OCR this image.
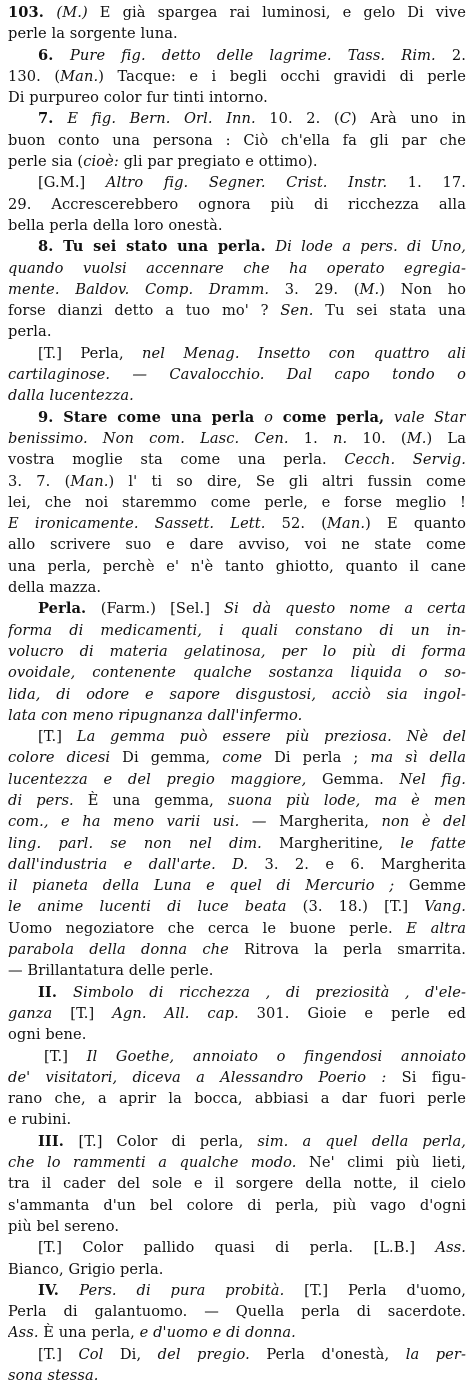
103. (M.) E già spargea rai luminosi, e gelo Di vive
perle la sorgente luna.
6. Pure fig. detto delle lagrime. Tass. Rim. 2.
130. (Man.) Tacque: e i begli occhi gravidi di perle
Di purpureo color fur tinti intorno.
7. E fig. Bern. Orl. Inn. 10. 2. (C) Arà uno in
buon conto una persona : Ciò ch'ella fa gli par che
perle sia (cioè: gli par pregiato e ottimo).
[G.M.] Altro fig. Segner. Crist. Instr. 1. 17.
29. Accrescerebbero ognora più di ricchezza alla
bella perla della loro onestà.
8. Tu sei stato una perla. Di lode a pers. di Uno,
quando vuolsi accennare che ha operato egregia-
mente. Baldov. Comp. Dramm. 3. 29. (M.) Non ho
forse dianzi detto a tuo mo' ? Sen. Tu sei stata una
perla.
[T.] Perla, nel Menag. Insetto con quattro ali
cartilaginose. — Cavalocchio. Dal capo tondo o
dalla lucentezza.
9. Stare come una perla o come perla, vale Star
benissimo. Non com. Lasc. Cen. 1. n. 10. (M.) La
vostra moglie sta come una perla. Cecch. Servig.
3. 7. (Man.) l' ti so dire, Se gli altri fussin come
lei, che noi staremmo come perle, e forse meglio !
E ironicamente. Sassett. Lett. 52. (Man.) E quanto
allo scrivere suo e dare avviso, voi ne state come
una perla, perchè e' n'è tanto ghiotto, quanto il cane
della mazza.
Perla. (Farm.) [Sel.] Si dà questo nome a certa
forma di medicamenti, i quali constano di un in-
volucro di materia gelatinosa, per lo più di forma
ovoidale, contenente qualche sostanza liquida o so-
lida, di odore e sapore disgustosi, acciò sia ingol-
lata con meno ripugnanza dall'infermo.
[T.] La gemma può essere più preziosa. Nè del
colore dicesi Di gemma, come Di perla ; ma sì della
lucentezza e del pregio maggiore, Gemma. Nel fig.
di pers. È una gemma, suona più lode, ma è men
com., e ha meno varii usi. — Margherita, non è del
ling. parl. se non nel dim. Margheritine, le fatte
dall'industria e dall'arte. D. 3. 2. e 6. Margherita
il pianeta della Luna e quel di Mercurio ; Gemme
le anime lucenti di luce beata (3. 18.) [T.] Vang.
Uomo negoziatore che cerca le buone perle. E altra
parabola della donna che Ritrova la perla smarrita.
— Brillantatura delle perle.
II. Simbolo di ricchezza , di preziosità , d'ele-
ganza [T.] Agn. All. cap. 301. Gioie e perle ed
ogni bene.
[T.] Il Goethe, annoiato o fingendosi annoiato
de' visitatori, diceva a Alessandro Poerio : Si figu-
rano che, a aprir la bocca, abbiasi a dar fuori perle
e rubini.
III. [T.] Color di perla, sim. a quel della perla,
che lo rammenti a qualche modo. Ne' climi più lieti,
tra il cader del sole e il sorgere della notte, il cielo
s'ammanta d'un bel colore di perla, più vago d'ogni
più bel sereno.
[T.] Color pallido quasi di perla. [L.B.] Ass.
Bianco, Grigio perla.
IV. Pers. di pura probità. [T.] Perla d'uomo,
Perla di galantuomo. — Quella perla di sacerdote.
Ass. È una perla, e d'uomo e di donna.
[T.] Col Di, del pregio. Perla d'onestà, la per-
sona stessa.
